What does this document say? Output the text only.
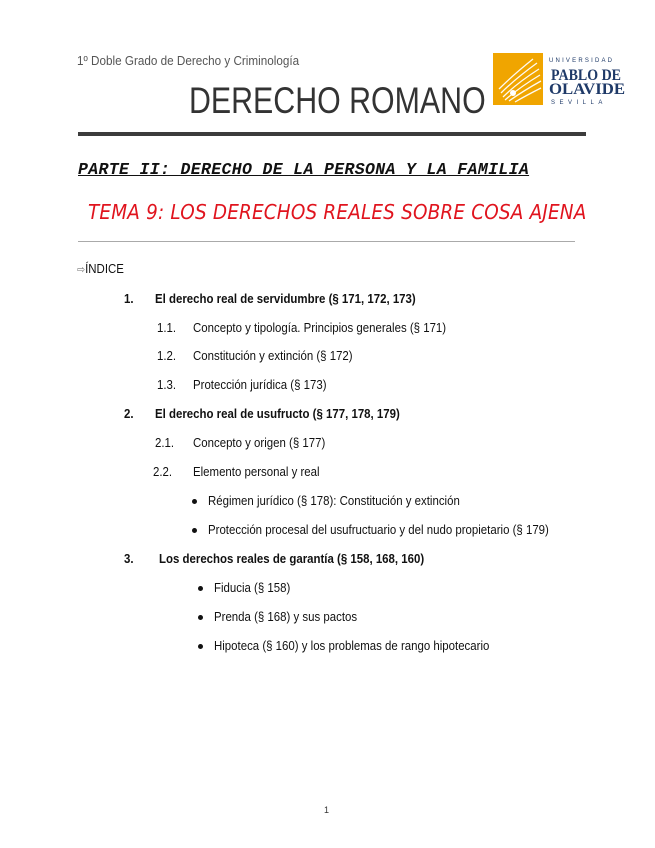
1º Doble Grado de Derecho y Criminología
DERECHO ROMANO
UNIVERSIDAD
PABLO DE
OLAVIDE
SEVILLA
PARTE II: DERECHO DE LA PERSONA Y LA FAMILIA
TEMA 9: LOS DERECHOS REALES SOBRE COSA AJENA
⇨ÍNDICE
1. El derecho real de servidumbre (§ 171, 172, 173)
1.1. Concepto y tipología. Principios generales (§ 171)
1.2. Constitución y extinción (§ 172)
1.3. Protección jurídica (§ 173)
2. El derecho real de usufructo (§ 177, 178, 179)
2.1. Concepto y origen (§ 177)
2.2. Elemento personal y real
Régimen jurídico (§ 178): Constitución y extinción
Protección procesal del usufructuario y del nudo propietario (§ 179)
3. Los derechos reales de garantía (§ 158, 168, 160)
Fiducia (§ 158)
Prenda (§ 168) y sus pactos
Hipoteca (§ 160) y los problemas de rango hipotecario
1
